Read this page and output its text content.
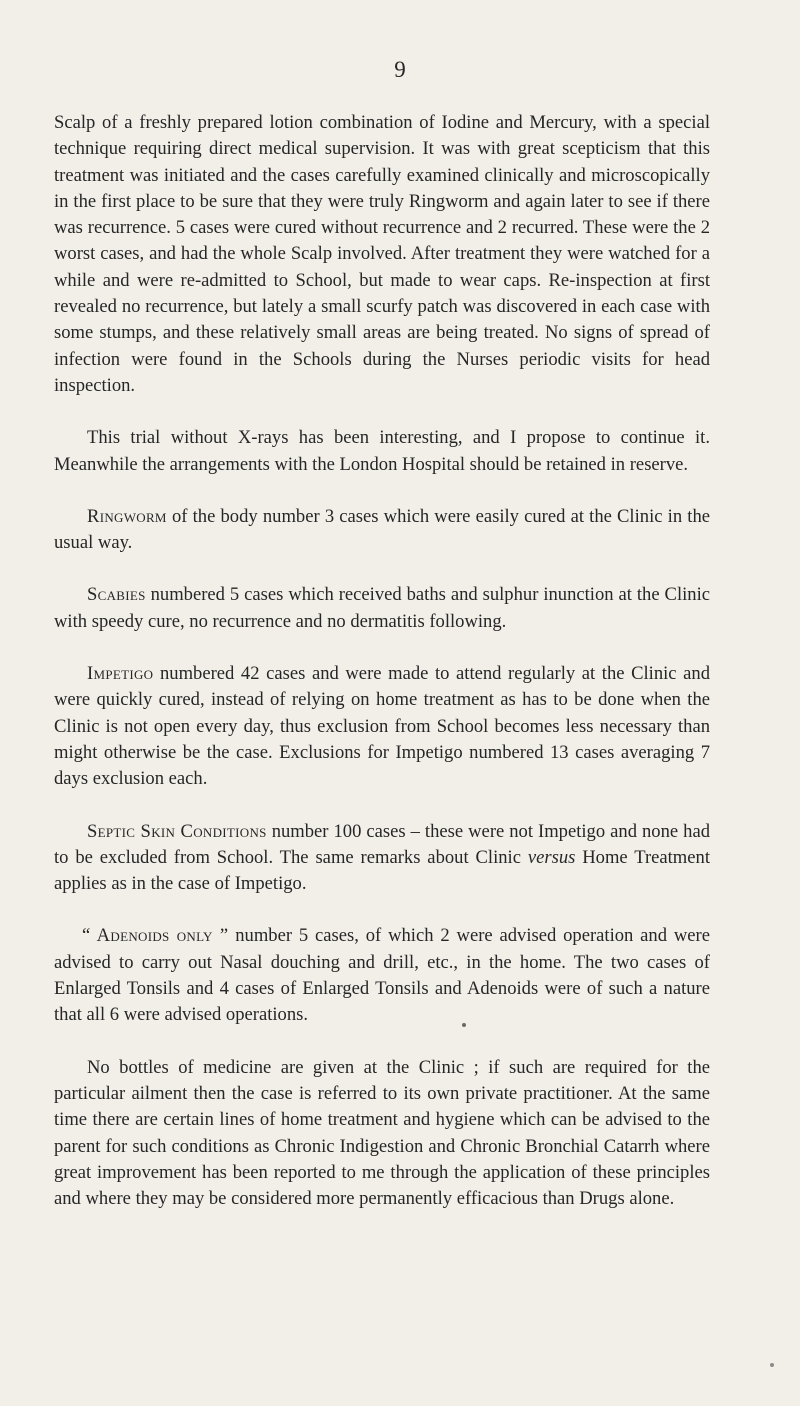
9

Scalp of a freshly prepared lotion combination of Iodine and Mercury, with a special technique requiring direct medical supervision. It was with great scepticism that this treatment was initiated and the cases carefully examined clinically and microscopically in the first place to be sure that they were truly Ringworm and again later to see if there was recurrence. 5 cases were cured without recurrence and 2 recurred. These were the 2 worst cases, and had the whole Scalp involved. After treatment they were watched for a while and were re-admitted to School, but made to wear caps. Re-inspection at first revealed no recurrence, but lately a small scurfy patch was discovered in each case with some stumps, and these relatively small areas are being treated. No signs of spread of infection were found in the Schools during the Nurses periodic visits for head inspection.

This trial without X-rays has been interesting, and I propose to continue it. Meanwhile the arrangements with the London Hospital should be retained in reserve.

Ringworm of the body number 3 cases which were easily cured at the Clinic in the usual way.

Scabies numbered 5 cases which received baths and sulphur inunction at the Clinic with speedy cure, no recurrence and no dermatitis following.

Impetigo numbered 42 cases and were made to attend regularly at the Clinic and were quickly cured, instead of relying on home treatment as has to be done when the Clinic is not open every day, thus exclusion from School becomes less necessary than might otherwise be the case. Exclusions for Impetigo numbered 13 cases averaging 7 days exclusion each.

Septic Skin Conditions number 100 cases – these were not Impetigo and none had to be excluded from School. The same remarks about Clinic versus Home Treatment applies as in the case of Impetigo.

“ Adenoids only ” number 5 cases, of which 2 were advised operation and were advised to carry out Nasal douching and drill, etc., in the home. The two cases of Enlarged Tonsils and 4 cases of Enlarged Tonsils and Adenoids were of such a nature that all 6 were advised operations.

No bottles of medicine are given at the Clinic ; if such are required for the particular ailment then the case is referred to its own private practitioner. At the same time there are certain lines of home treatment and hygiene which can be advised to the parent for such conditions as Chronic Indigestion and Chronic Bronchial Catarrh where great improvement has been reported to me through the application of these principles and where they may be considered more permanently efficacious than Drugs alone.
